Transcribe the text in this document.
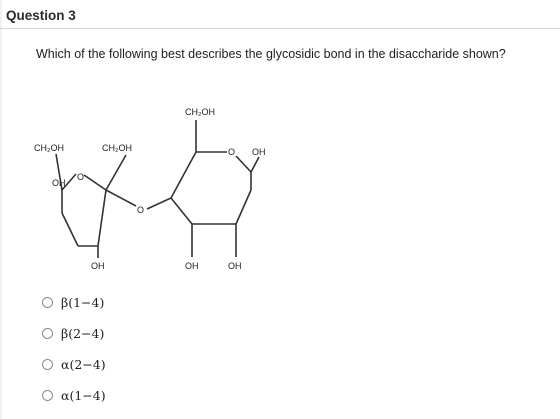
Question 3
Which of the following best describes the glycosidic bond in the disaccharide shown?
CH₂OH	CH₂OH
O
OH
OH
O
CH₂OH
O OH
OH	OH
β(1−4)
β(2−4)
α(2−4)
α(1−4)
